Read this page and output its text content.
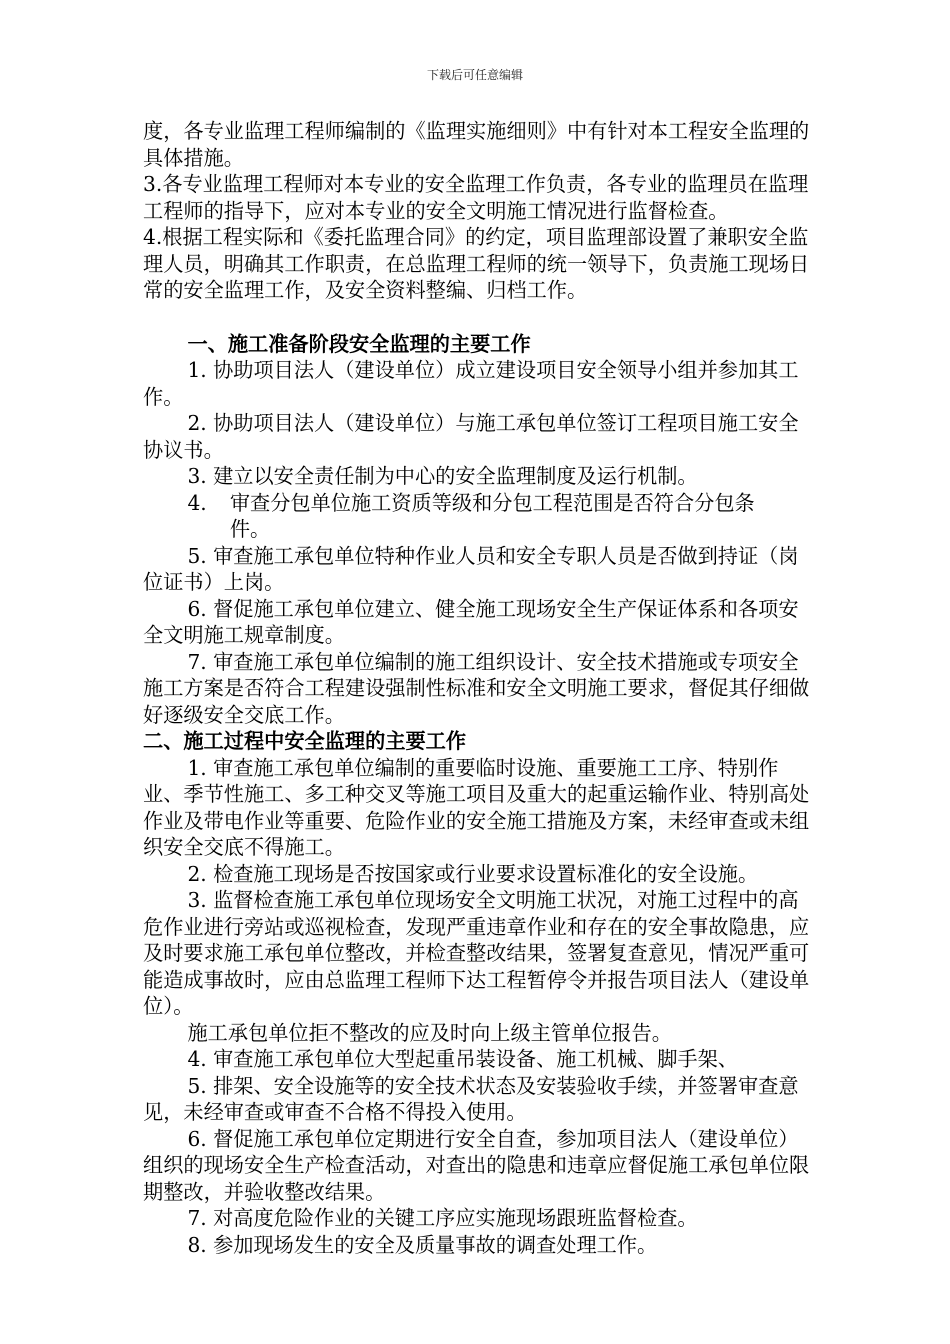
下载后可任意编辑

度，各专业监理工程师编制的《监理实施细则》中有针对本工程安全监理的具体措施。

3.各专业监理工程师对本专业的安全监理工作负责，各专业的监理员在监理工程师的指导下，应对本专业的安全文明施工情况进行监督检查。

4.根据工程实际和《委托监理合同》的约定，项目监理部设置了兼职安全监理人员，明确其工作职责，在总监理工程师的统一领导下，负责施工现场日常的安全监理工作，及安全资料整编、归档工作。

一、施工准备阶段安全监理的主要工作

1. 协助项目法人（建设单位）成立建设项目安全领导小组并参加其工作。

2. 协助项目法人（建设单位）与施工承包单位签订工程项目施工安全协议书。

3. 建立以安全责任制为中心的安全监理制度及运行机制。

4. 审查分包单位施工资质等级和分包工程范围是否符合分包条
件。

5. 审查施工承包单位特种作业人员和安全专职人员是否做到持证（岗位证书）上岗。

6. 督促施工承包单位建立、健全施工现场安全生产保证体系和各项安全文明施工规章制度。

7. 审查施工承包单位编制的施工组织设计、安全技术措施或专项安全施工方案是否符合工程建设强制性标准和安全文明施工要求，督促其仔细做好逐级安全交底工作。

二、施工过程中安全监理的主要工作

1. 审查施工承包单位编制的重要临时设施、重要施工工序、特别作业、季节性施工、多工种交叉等施工项目及重大的起重运输作业、特别高处作业及带电作业等重要、危险作业的安全施工措施及方案，未经审查或未组织安全交底不得施工。

2. 检查施工现场是否按国家或行业要求设置标准化的安全设施。

3. 监督检查施工承包单位现场安全文明施工状况，对施工过程中的高危作业进行旁站或巡视检查，发现严重违章作业和存在的安全事故隐患，应及时要求施工承包单位整改，并检查整改结果，签署复查意见，情况严重可能造成事故时，应由总监理工程师下达工程暂停令并报告项目法人（建设单位）。

施工承包单位拒不整改的应及时向上级主管单位报告。

4. 审查施工承包单位大型起重吊装设备、施工机械、脚手架、

5. 排架、安全设施等的安全技术状态及安装验收手续，并签署审查意见，未经审查或审查不合格不得投入使用。

6. 督促施工承包单位定期进行安全自查，参加项目法人（建设单位）组织的现场安全生产检查活动，对查出的隐患和违章应督促施工承包单位限期整改，并验收整改结果。

7. 对高度危险作业的关键工序应实施现场跟班监督检查。

8. 参加现场发生的安全及质量事故的调查处理工作。
